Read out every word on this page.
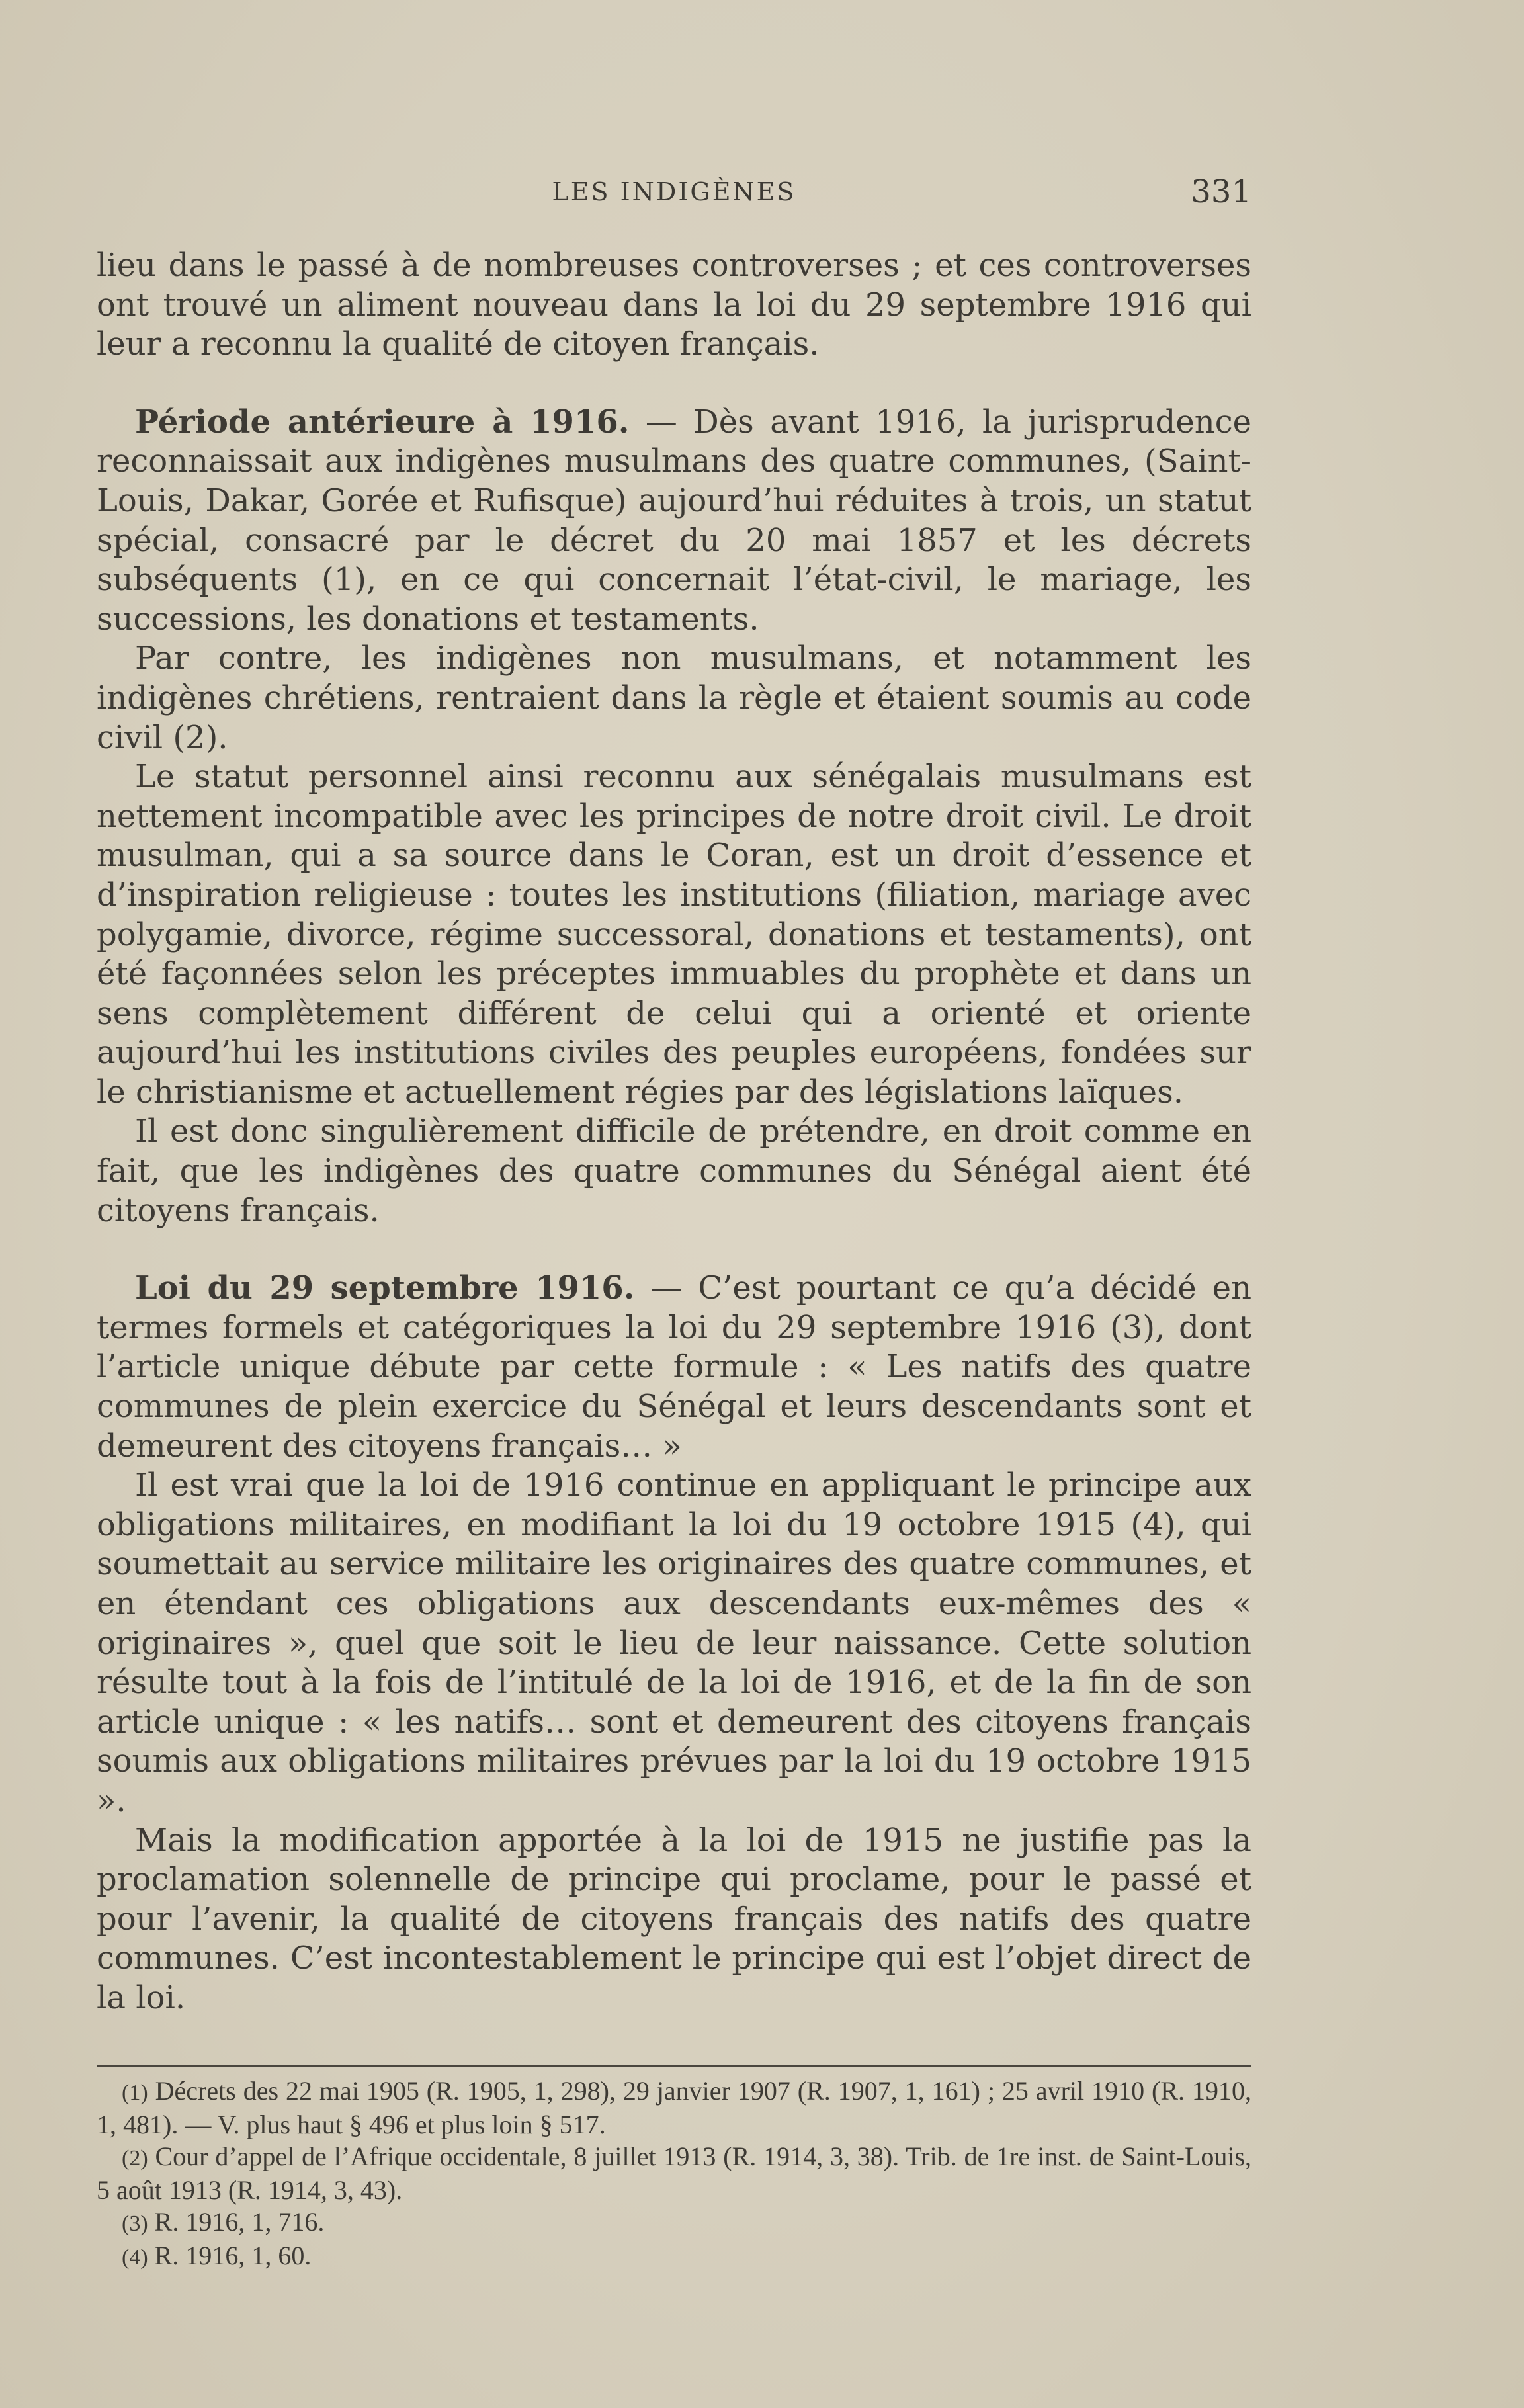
LES INDIGÈNES	331

lieu dans le passé à de nombreuses controverses ; et ces controverses ont trouvé un aliment nouveau dans la loi du 29 septembre 1916 qui leur a reconnu la qualité de citoyen français.

Période antérieure à 1916. — Dès avant 1916, la jurisprudence reconnaissait aux indigènes musulmans des quatre communes, (Saint-Louis, Dakar, Gorée et Rufisque) aujourd’hui réduites à trois, un statut spécial, consacré par le décret du 20 mai 1857 et les décrets subséquents (1), en ce qui concernait l’état-civil, le mariage, les successions, les donations et testaments.

Par contre, les indigènes non musulmans, et notamment les indigènes chrétiens, rentraient dans la règle et étaient soumis au code civil (2).

Le statut personnel ainsi reconnu aux sénégalais musulmans est nettement incompatible avec les principes de notre droit civil. Le droit musulman, qui a sa source dans le Coran, est un droit d’essence et d’inspiration religieuse : toutes les institutions (filiation, mariage avec polygamie, divorce, régime successoral, donations et testaments), ont été façonnées selon les préceptes immuables du prophète et dans un sens complètement différent de celui qui a orienté et oriente aujourd’hui les institutions civiles des peuples européens, fondées sur le christianisme et actuellement régies par des législations laïques.

Il est donc singulièrement difficile de prétendre, en droit comme en fait, que les indigènes des quatre communes du Sénégal aient été citoyens français.

Loi du 29 septembre 1916. — C’est pourtant ce qu’a décidé en termes formels et catégoriques la loi du 29 septembre 1916 (3), dont l’article unique débute par cette formule : « Les natifs des quatre communes de plein exercice du Sénégal et leurs descendants sont et demeurent des citoyens français… »

Il est vrai que la loi de 1916 continue en appliquant le principe aux obligations militaires, en modifiant la loi du 19 octobre 1915 (4), qui soumettait au service militaire les originaires des quatre communes, et en étendant ces obligations aux descendants eux-mêmes des « originaires », quel que soit le lieu de leur naissance. Cette solution résulte tout à la fois de l’intitulé de la loi de 1916, et de la fin de son article unique : « les natifs… sont et demeurent des citoyens français soumis aux obligations militaires prévues par la loi du 19 octobre 1915 ».

Mais la modification apportée à la loi de 1915 ne justifie pas la proclamation solennelle de principe qui proclame, pour le passé et pour l’avenir, la qualité de citoyens français des natifs des quatre communes. C’est incontestablement le principe qui est l’objet direct de la loi.

(1) Décrets des 22 mai 1905 (R. 1905, 1, 298), 29 janvier 1907 (R. 1907, 1, 161) ; 25 avril 1910 (R. 1910, 1, 481). — V. plus haut § 496 et plus loin § 517.

(2) Cour d’appel de l’Afrique occidentale, 8 juillet 1913 (R. 1914, 3, 38). Trib. de 1re inst. de Saint-Louis, 5 août 1913 (R. 1914, 3, 43).

(3) R. 1916, 1, 716.

(4) R. 1916, 1, 60.
